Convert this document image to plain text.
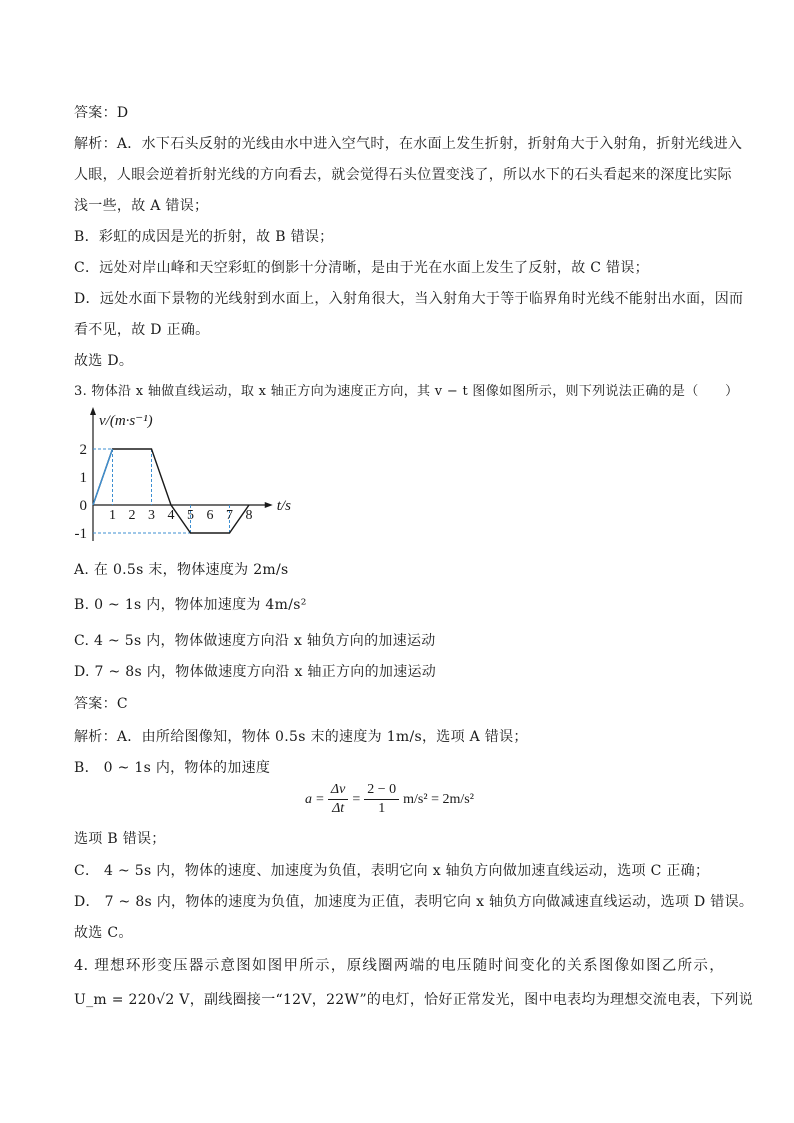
答案：D
解析：A．水下石头反射的光线由水中进入空气时，在水面上发生折射，折射角大于入射角，折射光线进入
人眼，人眼会逆着折射光线的方向看去，就会觉得石头位置变浅了，所以水下的石头看起来的深度比实际
浅一些，故 A 错误；
B．彩虹的成因是光的折射，故 B 错误；
C．远处对岸山峰和天空彩虹的倒影十分清晰，是由于光在水面上发生了反射，故 C 错误；
D．远处水面下景物的光线射到水面上，入射角很大，当入射角大于等于临界角时光线不能射出水面，因而
看不见，故 D 正确。
故选 D。
3. 物体沿 x 轴做直线运动，取 x 轴正方向为速度正方向，其 v − t 图像如图所示，则下列说法正确的是（　　）
1 2 3 4 5 6 7 8
2
1
0
-1
v/(m·s⁻¹)
t/s
A. 在 0.5s 末，物体速度为 2m/s
B. 0 ~ 1s 内，物体加速度为 4m/s²
C. 4 ~ 5s 内，物体做速度方向沿 x 轴负方向的加速运动
D. 7 ~ 8s 内，物体做速度方向沿 x 轴正方向的加速运动
答案：C
解析：A．由所给图像知，物体 0.5s 末的速度为 1m/s，选项 A 错误；
B． 0 ~ 1s 内，物体的加速度
$a = \frac{\Delta v}{\Delta t} = \frac{2 - 0}{1} m/s^2 = 2m/s^2$
选项 B 错误；
C． 4 ~ 5s 内，物体的速度、加速度为负值，表明它向 x 轴负方向做加速直线运动，选项 C 正确；
D． 7 ~ 8s 内，物体的速度为负值，加速度为正值，表明它向 x 轴负方向做减速直线运动，选项 D 错误。
故选 C。
4. 理想环形变压器示意图如图甲所示，原线圈两端的电压随时间变化的关系图像如图乙所示，
U_m = 220√2 V，副线圈接一“12V，22W”的电灯，恰好正常发光，图中电表均为理想交流电表，下列说
